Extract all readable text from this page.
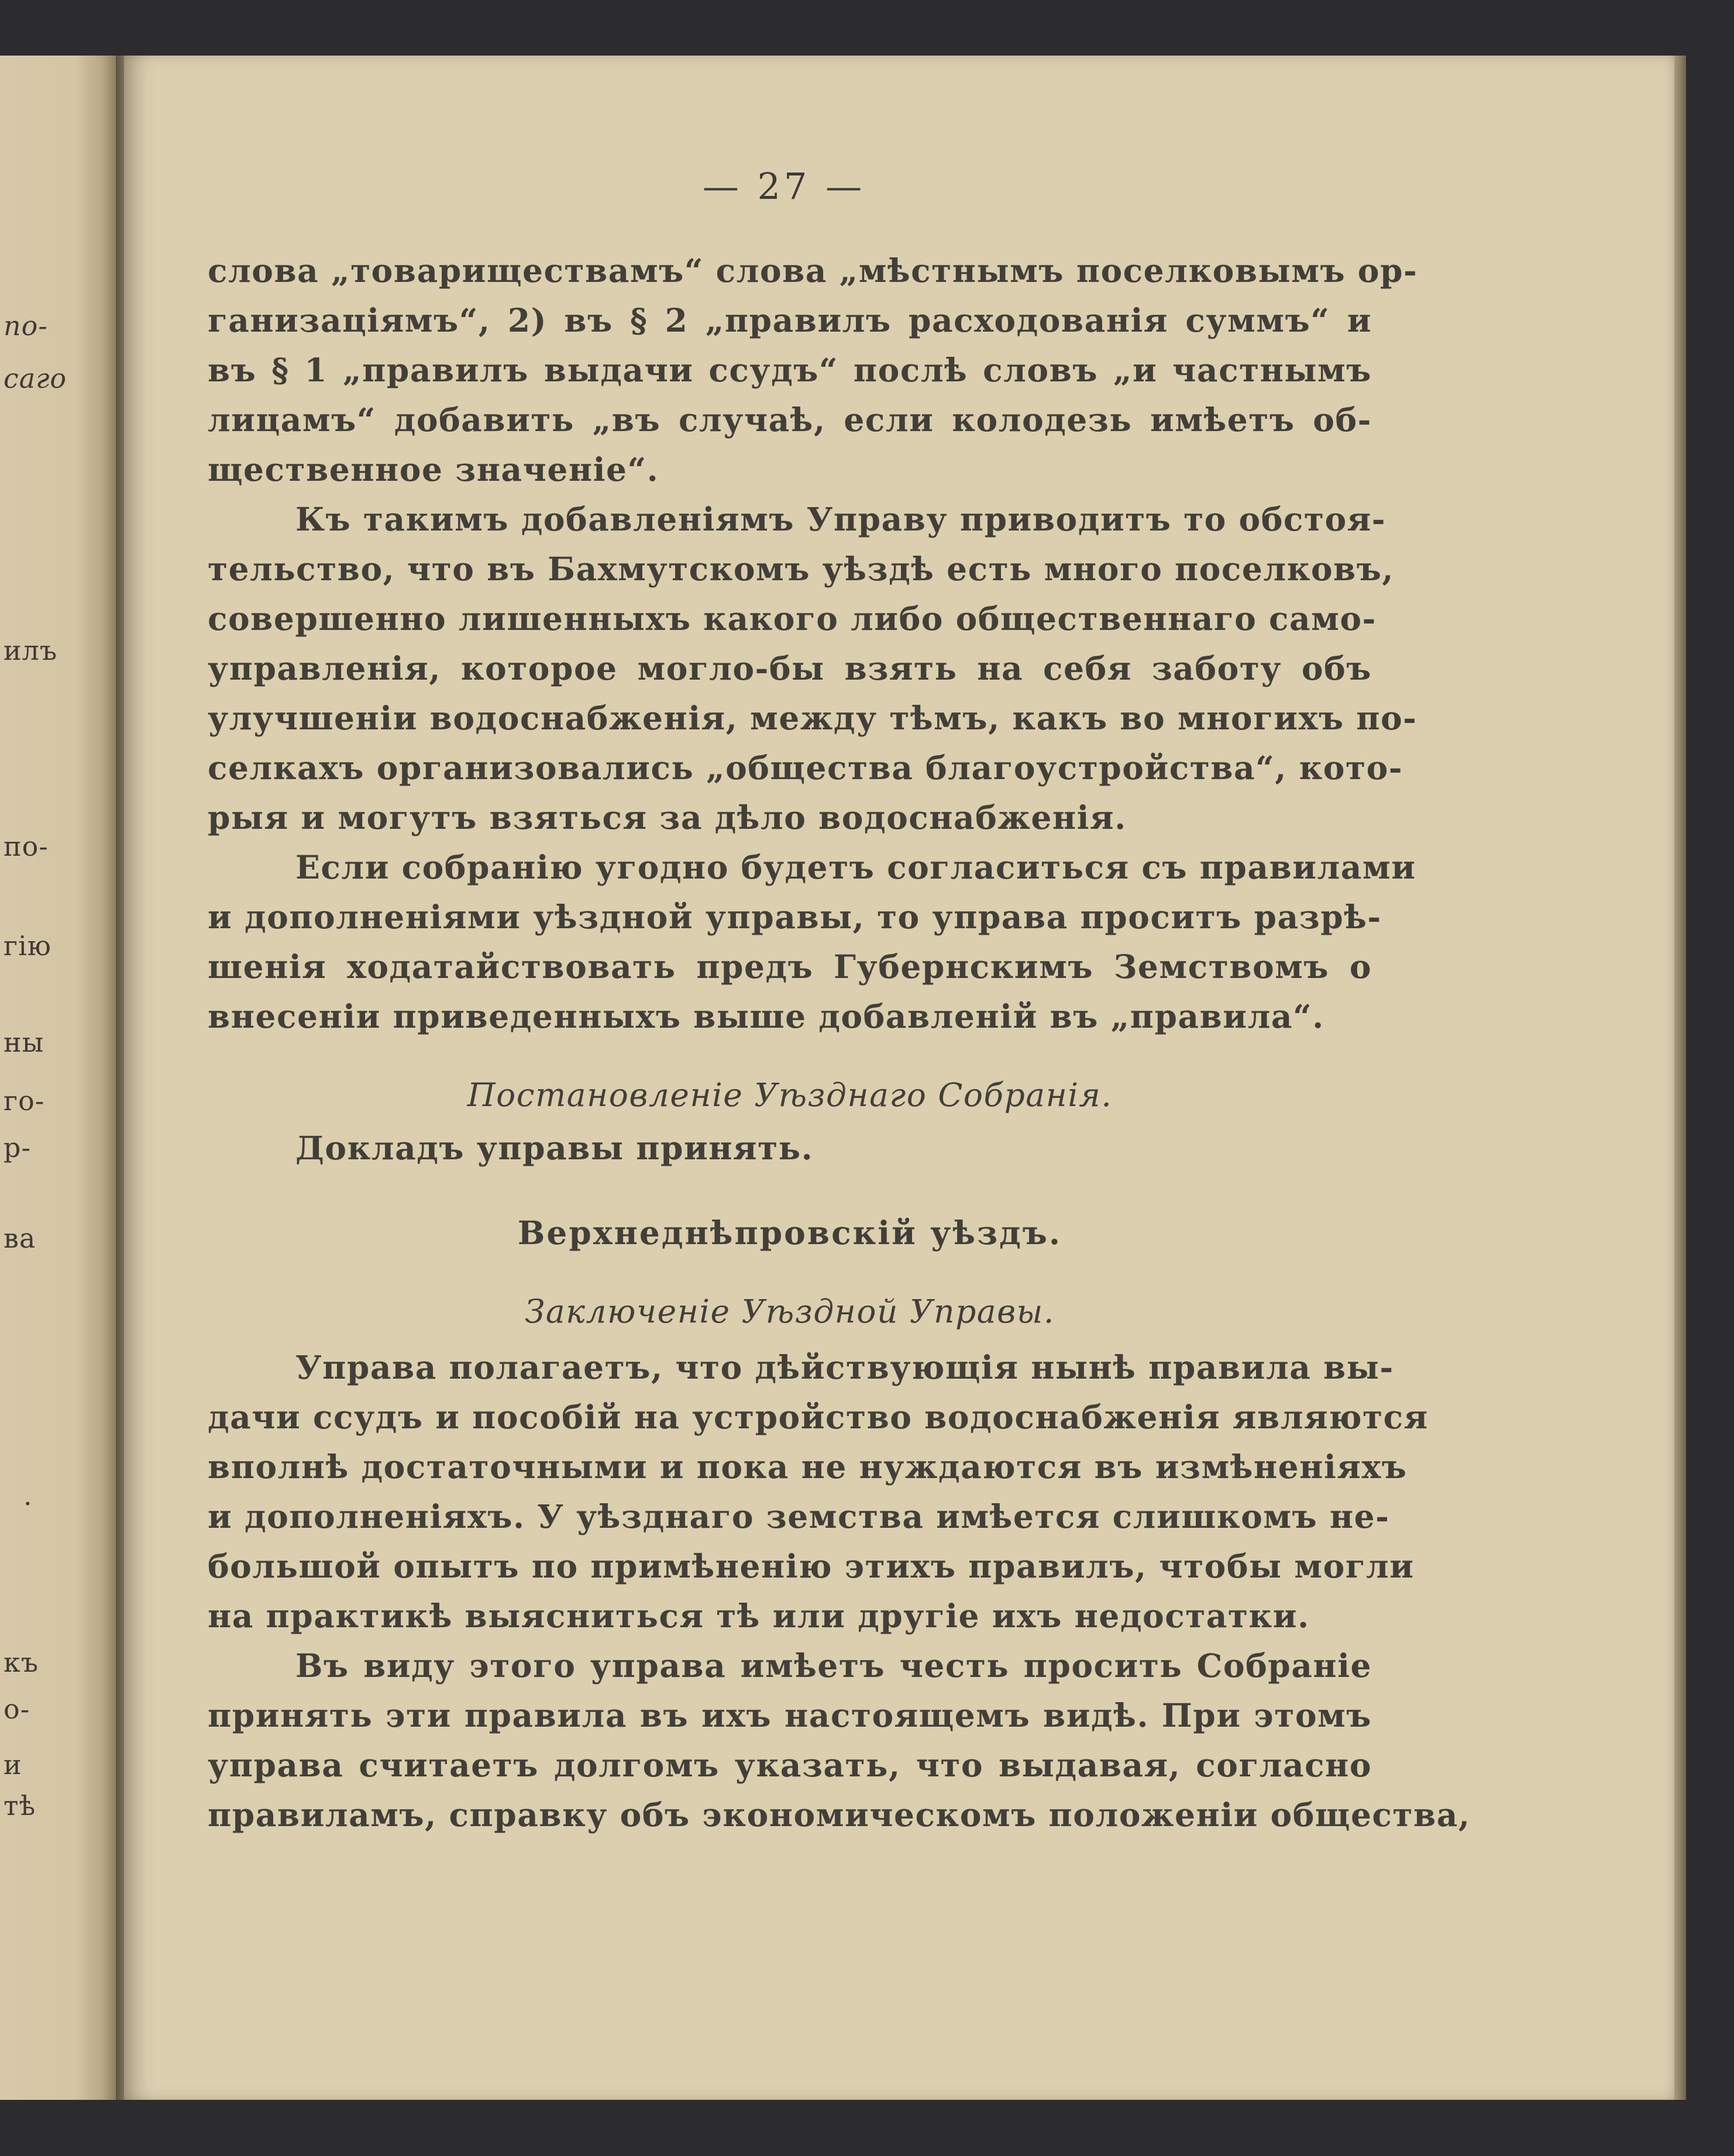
по-
саго
илъ
по-
гію
ны
го-
р-
ва
.
къ
о-
и
тѣ
— 27 —
слова „товариществамъ“ слова „мѣстнымъ поселковымъ ор-
ганизаціямъ“, 2) въ § 2 „правилъ расходованія суммъ“ и
въ § 1 „правилъ выдачи ссудъ“ послѣ словъ „и частнымъ
лицамъ“ добавить „въ случаѣ, если колодезь имѣетъ об-
щественное значеніе“.
Къ такимъ добавленіямъ Управу приводитъ то обстоя-
тельство, что въ Бахмутскомъ уѣздѣ есть много поселковъ,
совершенно лишенныхъ какого либо общественнаго само-
управленія, которое могло-бы взять на себя заботу объ
улучшеніи водоснабженія, между тѣмъ, какъ во многихъ по-
селкахъ организовались „общества благоустройства“, кото-
рыя и могутъ взяться за дѣло водоснабженія.
Если собранію угодно будетъ согласиться съ правилами
и дополненіями уѣздной управы, то управа проситъ разрѣ-
шенія ходатайствовать предъ Губернскимъ Земствомъ о
внесеніи приведенныхъ выше добавленій въ „правила“.
Постановленіе Уѣзднаго Собранія.
Докладъ управы принять.
Верхнеднѣпровскій уѣздъ.
Заключеніе Уѣздной Управы.
Управа полагаетъ, что дѣйствующія нынѣ правила вы-
дачи ссудъ и пособій на устройство водоснабженія являются
вполнѣ достаточными и пока не нуждаются въ измѣненіяхъ
и дополненіяхъ. У уѣзднаго земства имѣется слишкомъ не-
большой опытъ по примѣненію этихъ правилъ, чтобы могли
на практикѣ выясниться тѣ или другіе ихъ недостатки.
Въ виду этого управа имѣетъ честь просить Собраніе
принять эти правила въ ихъ настоящемъ видѣ. При этомъ
управа считаетъ долгомъ указать, что выдавая, согласно
правиламъ, справку объ экономическомъ положеніи общества,
